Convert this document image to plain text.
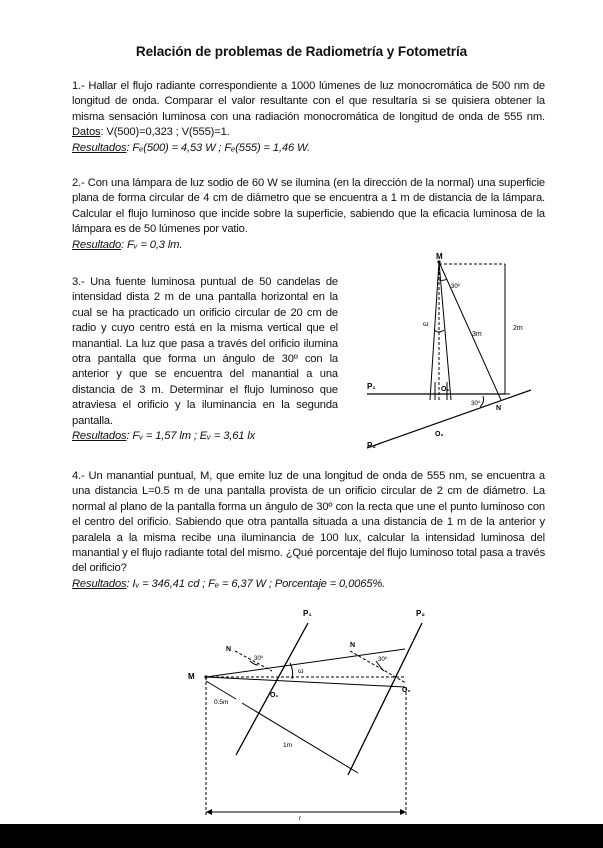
Relación de problemas de Radiometría y Fotometría
1.- Hallar el flujo radiante correspondiente a 1000 lúmenes de luz monocromática de 500 nm de longitud de onda. Comparar el valor resultante con el que resultaría si se quisiera obtener la misma sensación luminosa con una radiación monocromática de longitud de onda de 555 nm. Datos: V(500)=0,323 ; V(555)=1.
Resultados: Fₑ(500) = 4,53 W ; Fₑ(555) = 1,46 W.
2.- Con una lámpara de luz sodio de 60 W se ilumina (en la dirección de la normal) una superficie plana de forma circular de 4 cm de diámetro que se encuentra a 1 m de distancia de la lámpara. Calcular el flujo luminoso que incide sobre la superficie, sabiendo que la eficacia luminosa de la lámpara es de 50 lúmenes por vatio.
Resultado: Fᵥ = 0,3 lm.
3.- Una fuente luminosa puntual de 50 candelas de intensidad dista 2 m de una pantalla horizontal en la cual se ha practicado un orificio circular de 20 cm de radio y cuyo centro está en la misma vertical que el manantial. La luz que pasa a través del orificio ilumina otra pantalla que forma un ángulo de 30º con la anterior y que se encuentra del manantial a una distancia de 3 m. Determinar el flujo luminoso que atraviesa el orificio y la iluminancia en la segunda pantalla.
Resultados: Fᵥ = 1,57 lm ; Eᵥ = 3,61 lx
M
30º
ω
3m
2m
P₁	O₁
30º
N
O₂
P₂
4.- Un manantial puntual, M, que emite luz de una longitud de onda de 555 nm, se encuentra a una distancia L=0.5 m de una pantalla provista de un orificio circular de 2 cm de diámetro. La normal al plano de la pantalla forma un ángulo de 30º con la recta que une el punto luminoso con el centro del orificio. Sabiendo que otra pantalla situada a una distancia de 1 m de la anterior y paralela a la misma recibe una iluminancia de 100 lux, calcular la intensidad luminosa del manantial y el flujo radiante total del mismo. ¿Qué porcentaje del flujo luminoso total pasa a través del orificio?
Resultados: Iᵥ = 346,41 cd ; Fₑ = 6,37 W ; Porcentaje = 0,0065%.
P₁	P₂
N
N
30º	30º
ω
M
O₁
O₂
0.5m
1m
r
